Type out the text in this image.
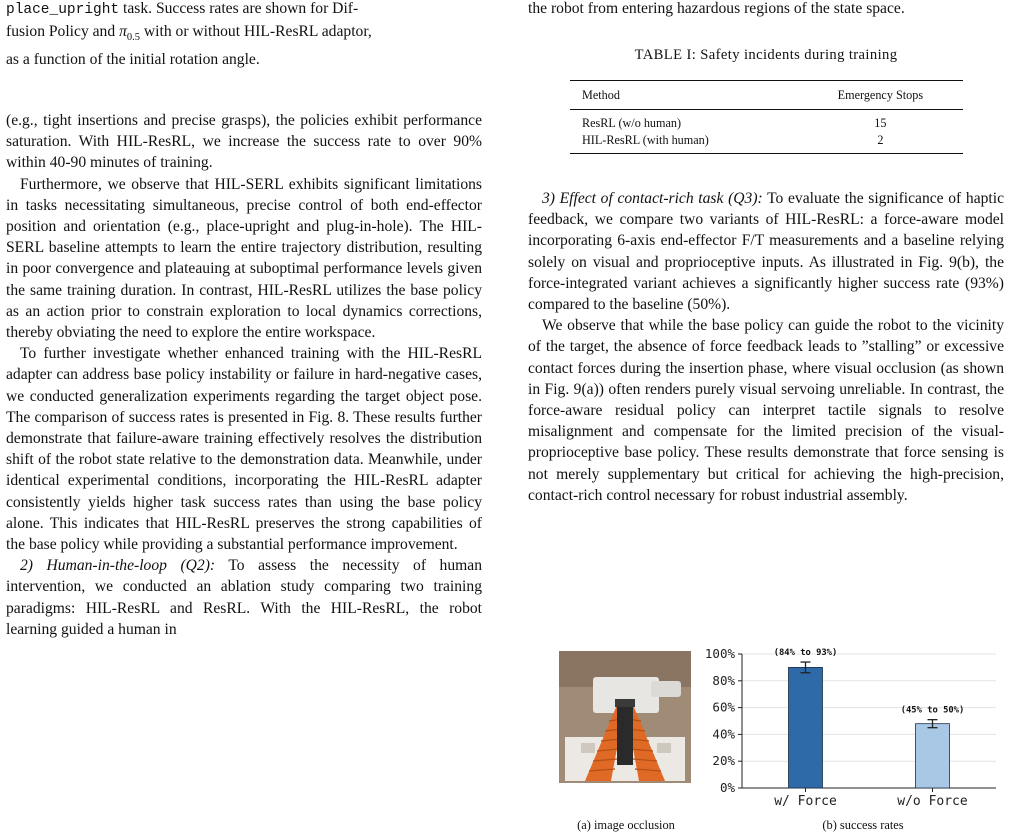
place_upright task. Success rates are shown for Dif-
fusion Policy and $\pi_{0.5}$ with or without HIL-ResRL adaptor,
as a function of the initial rotation angle.

(e.g., tight insertions and precise grasps), the policies exhibit performance saturation. With HIL-ResRL, we increase the success rate to over 90% within 40-90 minutes of training.

Furthermore, we observe that HIL-SERL exhibits significant limitations in tasks necessitating simultaneous, precise control of both end-effector position and orientation (e.g., place-upright and plug-in-hole). The HIL-SERL baseline attempts to learn the entire trajectory distribution, resulting in poor convergence and plateauing at suboptimal performance levels given the same training duration. In contrast, HIL-ResRL utilizes the base policy as an action prior to constrain exploration to local dynamics corrections, thereby obviating the need to explore the entire workspace.

To further investigate whether enhanced training with the HIL-ResRL adapter can address base policy instability or failure in hard-negative cases, we conducted generalization experiments regarding the target object pose. The comparison of success rates is presented in Fig. 8. These results further demonstrate that failure-aware training effectively resolves the distribution shift of the robot state relative to the demonstration data. Meanwhile, under identical experimental conditions, incorporating the HIL-ResRL adapter consistently yields higher task success rates than using the base policy alone. This indicates that HIL-ResRL preserves the strong capabilities of the base policy while providing a substantial performance improvement.

2) Human-in-the-loop (Q2): To assess the necessity of human intervention, we conducted an ablation study comparing two training paradigms: HIL-ResRL and ResRL. With the HIL-ResRL, the robot learning guided a human in

the robot from entering hazardous regions of the state space.

TABLE I: Safety incidents during training
Method	Emergency Stops
ResRL (w/o human)	15
HIL-ResRL (with human)	2

3) Effect of contact-rich task (Q3): To evaluate the significance of haptic feedback, we compare two variants of HIL-ResRL: a force-aware model incorporating 6-axis end-effector F/T measurements and a baseline relying solely on visual and proprioceptive inputs. As illustrated in Fig. 9(b), the force-integrated variant achieves a significantly higher success rate (93%) compared to the baseline (50%).

We observe that while the base policy can guide the robot to the vicinity of the target, the absence of force feedback leads to ”stalling” or excessive contact forces during the insertion phase, where visual occlusion (as shown in Fig. 9(a)) often renders purely visual servoing unreliable. In contrast, the force-aware residual policy can interpret tactile signals to resolve misalignment and compensate for the limited precision of the visual-proprioceptive base policy. These results demonstrate that force sensing is not merely supplementary but critical for achieving the high-precision, contact-rich control necessary for robust industrial assembly.

0%
20%
40%
60%
80%
100%	(84% to 93%)
w/ Force
(45% to 50%)
w/o Force
(a) image occlusion	(b) success rates
